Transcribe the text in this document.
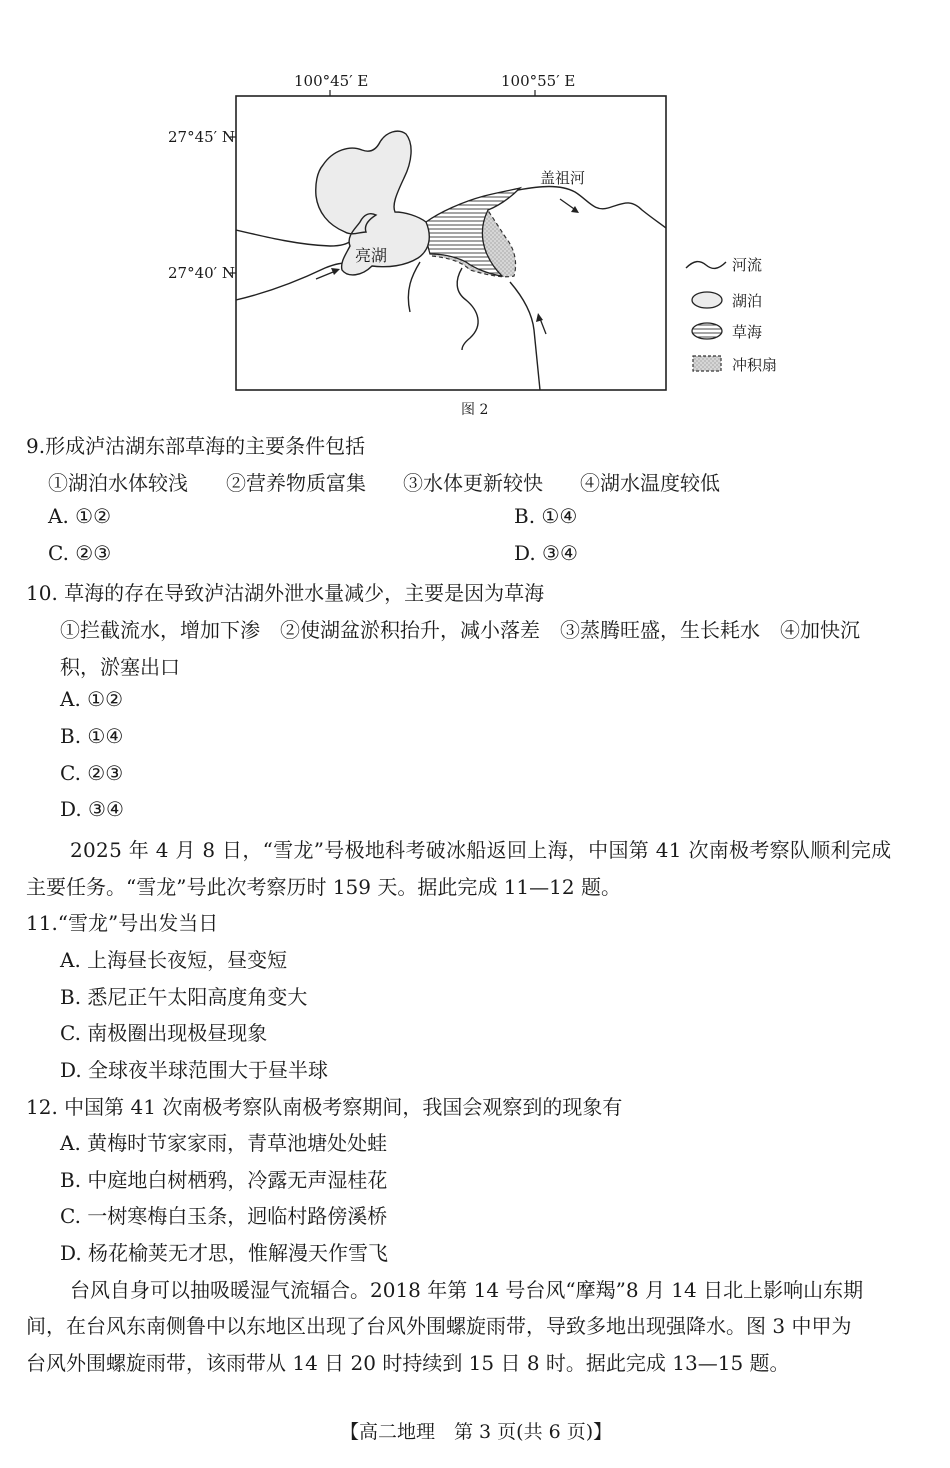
100°45′ E	100°55′ E
27°45′ N
27°40′ N
亮湖
盖祖河
河流
湖泊
草海
冲积扇
图 2
9.形成泸沽湖东部草海的主要条件包括
①湖泊水体较浅 ②营养物质富集 ③水体更新较快 ④湖水温度较低
A. ①②	B. ①④
C. ②③	D. ③④
10. 草海的存在导致泸沽湖外泄水量减少，主要是因为草海
①拦截流水，增加下渗　②使湖盆淤积抬升，减小落差　③蒸腾旺盛，生长耗水　④加快沉
积，淤塞出口
A. ①②
B. ①④
C. ②③
D. ③④
2025 年 4 月 8 日，“雪龙”号极地科考破冰船返回上海，中国第 41 次南极考察队顺利完成
主要任务。“雪龙”号此次考察历时 159 天。据此完成 11—12 题。
11.“雪龙”号出发当日
A. 上海昼长夜短，昼变短
B. 悉尼正午太阳高度角变大
C. 南极圈出现极昼现象
D. 全球夜半球范围大于昼半球
12. 中国第 41 次南极考察队南极考察期间，我国会观察到的现象有
A. 黄梅时节家家雨，青草池塘处处蛙
B. 中庭地白树栖鸦，冷露无声湿桂花
C. 一树寒梅白玉条，迥临村路傍溪桥
D. 杨花榆荚无才思，惟解漫天作雪飞
台风自身可以抽吸暖湿气流辐合。2018 年第 14 号台风“摩羯”8 月 14 日北上影响山东期
间，在台风东南侧鲁中以东地区出现了台风外围螺旋雨带，导致多地出现强降水。图 3 中甲为
台风外围螺旋雨带，该雨带从 14 日 20 时持续到 15 日 8 时。据此完成 13—15 题。
【高二地理　第 3 页(共 6 页)】
